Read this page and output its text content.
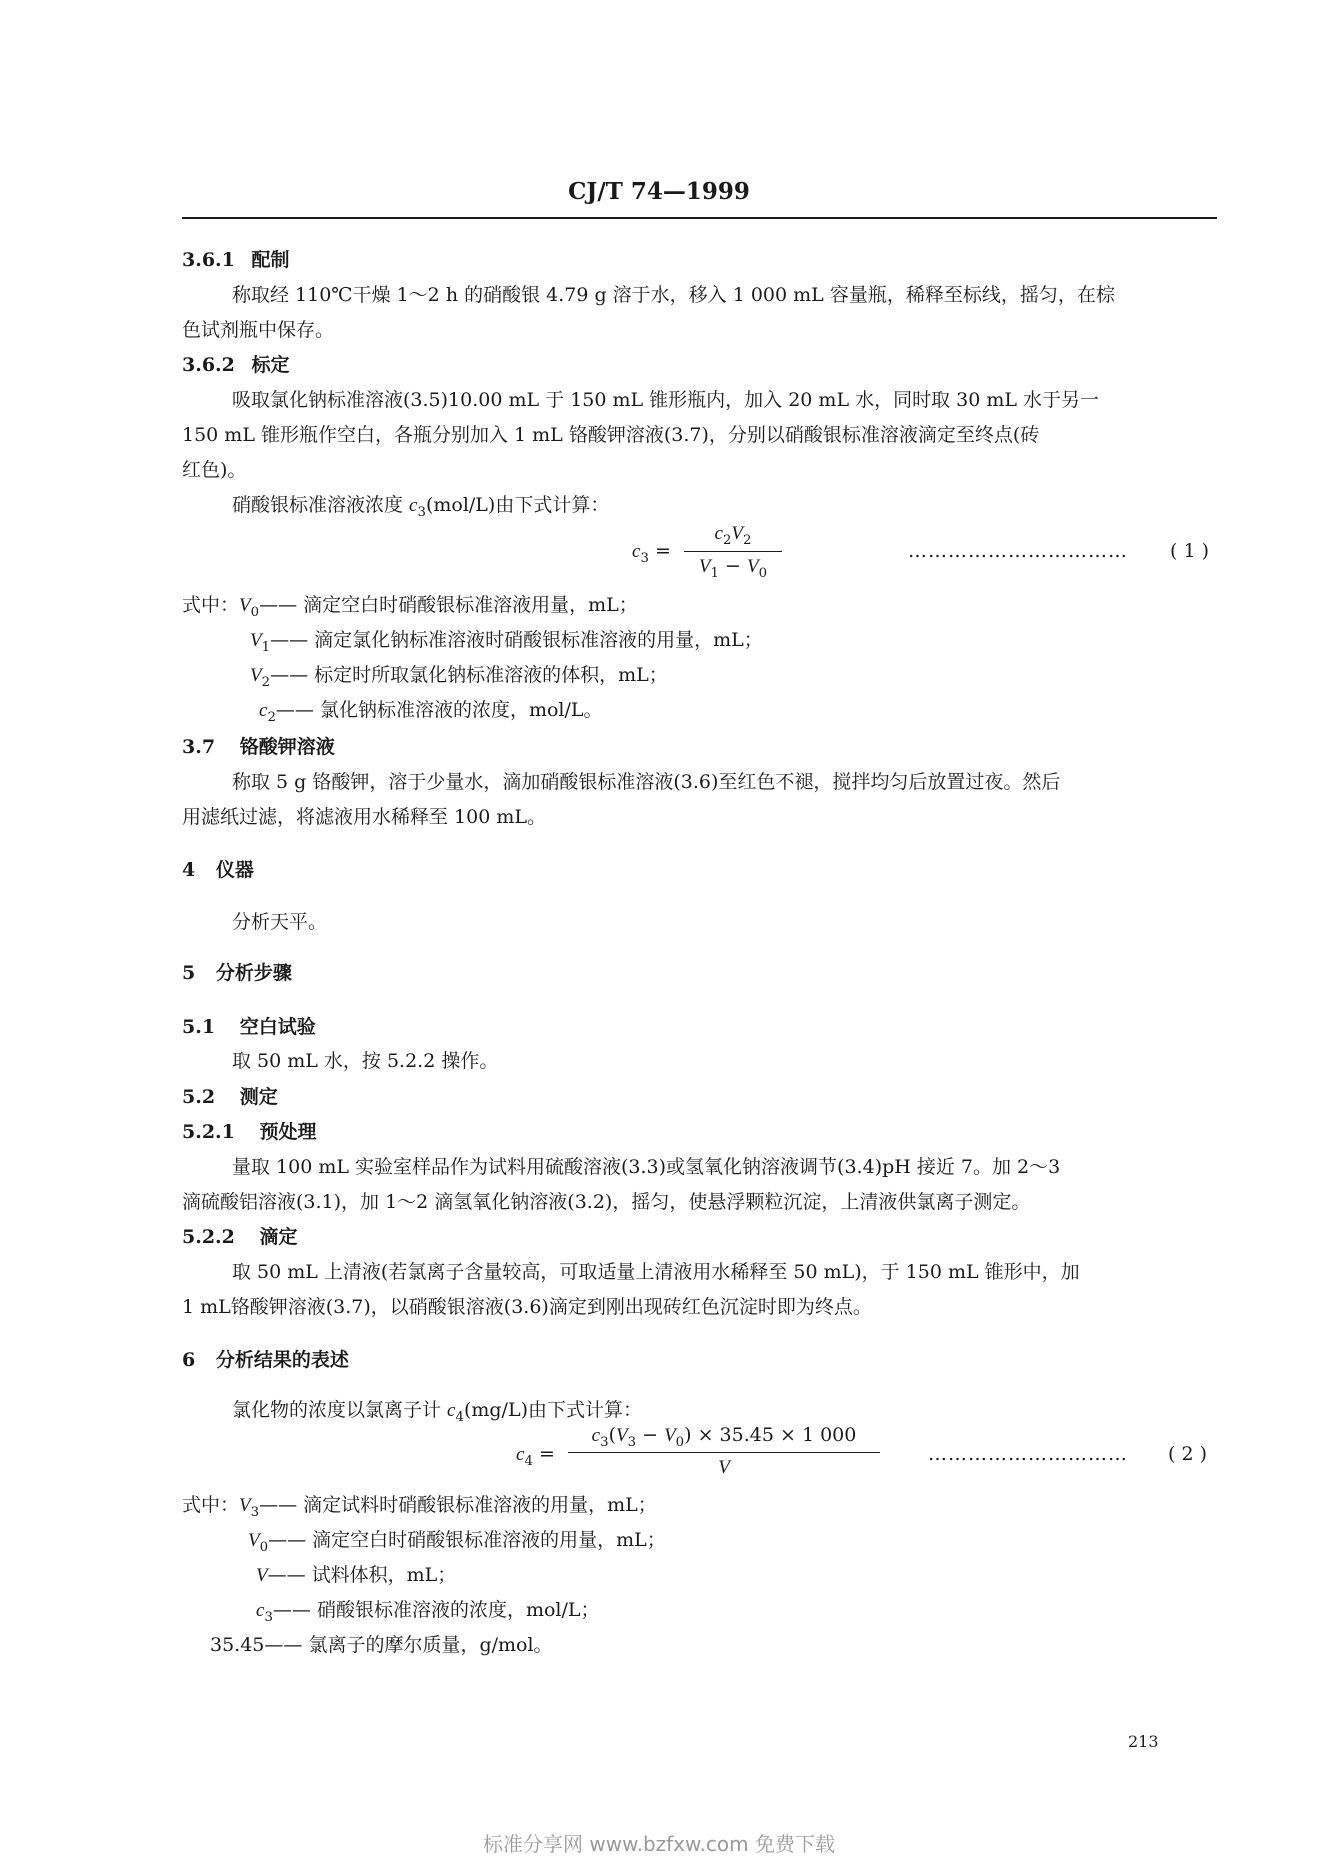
CJ/T 74—1999
3.6.1 配制
称取经 110℃干燥 1～2 h 的硝酸银 4.79 g 溶于水，移入 1 000 mL 容量瓶，稀释至标线，摇匀，在棕
色试剂瓶中保存。
3.6.2 标定
吸取氯化钠标准溶液(3.5)10.00 mL 于 150 mL 锥形瓶内，加入 20 mL 水，同时取 30 mL 水于另一
150 mL 锥形瓶作空白，各瓶分别加入 1 mL 铬酸钾溶液(3.7)，分别以硝酸银标准溶液滴定至终点(砖
红色)。
硝酸银标准溶液浓度 $c_3(mol/L)$由下式计算：
$c_3$ =
$c_2V_2$
$V_1 - V_0$
…………………………… ( 1 )
式中：$V_0——$ 滴定空白时硝酸银标准溶液用量，mL；
$V_1——$ 滴定氯化钠标准溶液时硝酸银标准溶液的用量，mL；
$V_2——$ 标定时所取氯化钠标准溶液的体积，mL；
$c_2——$ 氯化钠标准溶液的浓度，mol/L。
3.7 铬酸钾溶液
称取 5 g 铬酸钾，溶于少量水，滴加硝酸银标准溶液(3.6)至红色不褪，搅拌均匀后放置过夜。然后
用滤纸过滤，将滤液用水稀释至 100 mL。
4 仪器
分析天平。
5 分析步骤
5.1 空白试验
取 50 mL 水，按 5.2.2 操作。
5.2 测定
5.2.1 预处理
量取 100 mL 实验室样品作为试料用硫酸溶液(3.3)或氢氧化钠溶液调节(3.4)pH 接近 7。加 2～3
滴硫酸铝溶液(3.1)，加 1～2 滴氢氧化钠溶液(3.2)，摇匀，使悬浮颗粒沉淀，上清液供氯离子测定。
5.2.2 滴定
取 50 mL 上清液(若氯离子含量较高，可取适量上清液用水稀释至 50 mL)，于 150 mL 锥形中，加
1 mL铬酸钾溶液(3.7)，以硝酸银溶液(3.6)滴定到刚出现砖红色沉淀时即为终点。
6 分析结果的表述
氯化物的浓度以氯离子计 $c_4(mg/L)$由下式计算：
$c_4$ =
$c_3(V_3 - V_0) \times 35.45 \times 1$ 000
V
………………………… ( 2 )
式中：$V_3——$ 滴定试料时硝酸银标准溶液的用量，mL；
$V_0——$ 滴定空白时硝酸银标准溶液的用量，mL；
V—— 试料体积，mL；
$c_3——$ 硝酸银标准溶液的浓度，mol/L；
35.45—— 氯离子的摩尔质量，g/mol。
213
标准分享网 www.bzfxw.com 免费下载
